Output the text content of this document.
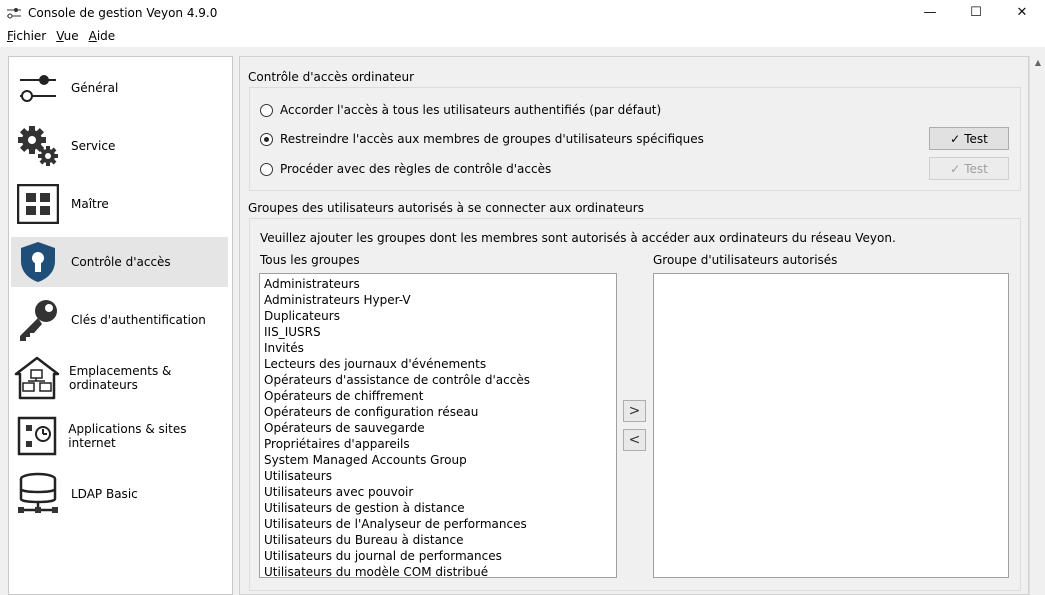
Console de gestion Veyon 4.9.0	—	☐	✕
Fichier Vue Aide
Général
Service
Maître
Contrôle d'accès
Clés d'authentification
Emplacements & ordinateurs
Applications & sites internet
LDAP Basic
▲
Contrôle d'accès ordinateur
Accorder l'accès à tous les utilisateurs authentifiés (par défaut)
Restreindre l'accès aux membres de groupes d'utilisateurs spécifiques
Procéder avec des règles de contrôle d'accès
✓ Test
✓ Test
Groupes des utilisateurs autorisés à se connecter aux ordinateurs
Veuillez ajouter les groupes dont les membres sont autorisés à accéder aux ordinateurs du réseau Veyon.
Tous les groupes	Groupe d'utilisateurs autorisés
Administrateurs
Administrateurs Hyper-V
Duplicateurs
IIS_IUSRS
Invités
Lecteurs des journaux d'événements
Opérateurs d'assistance de contrôle d'accès
Opérateurs de chiffrement
Opérateurs de configuration réseau
Opérateurs de sauvegarde
Propriétaires d'appareils
System Managed Accounts Group
Utilisateurs
Utilisateurs avec pouvoir
Utilisateurs de gestion à distance
Utilisateurs de l'Analyseur de performances
Utilisateurs du Bureau à distance
Utilisateurs du journal de performances
Utilisateurs du modèle COM distribué
>
<
